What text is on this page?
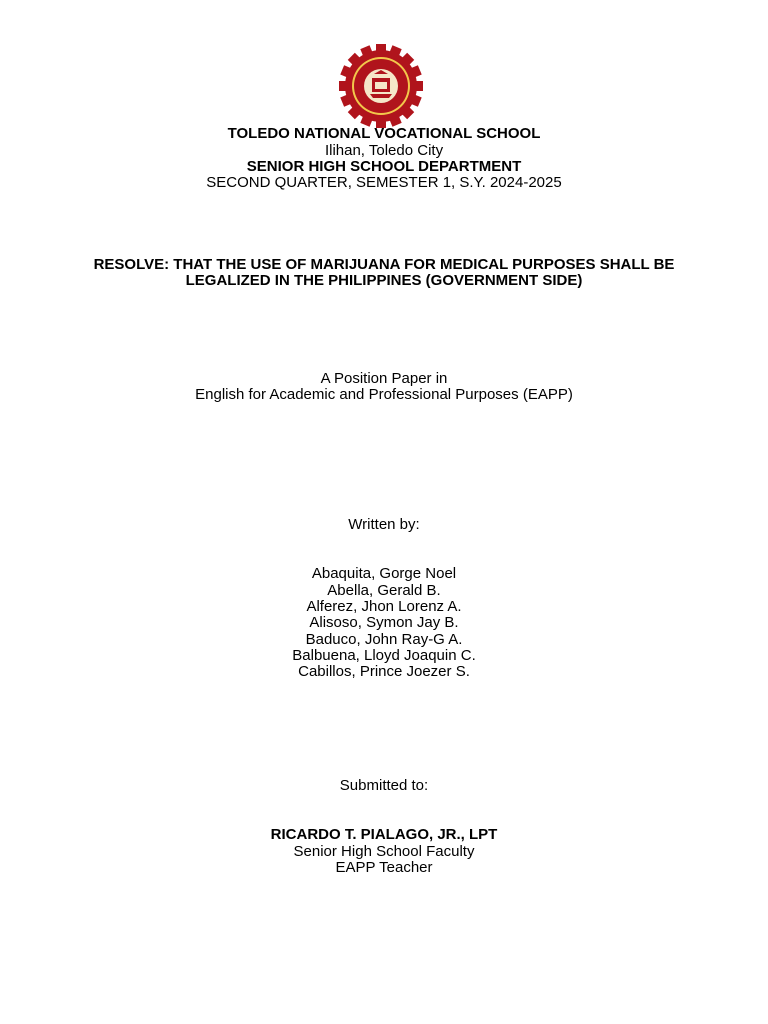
TOLEDO NATIONAL VOCATIONAL SCHOOL
Ilihan, Toledo City
SENIOR HIGH SCHOOL DEPARTMENT
SECOND QUARTER, SEMESTER 1, S.Y. 2024-2025
RESOLVE: THAT THE USE OF MARIJUANA FOR MEDICAL PURPOSES SHALL BE
LEGALIZED IN THE PHILIPPINES (GOVERNMENT SIDE)
A Position Paper in
English for Academic and Professional Purposes (EAPP)
Written by:
Abaquita, Gorge Noel
Abella, Gerald B.
Alferez, Jhon Lorenz A.
Alisoso, Symon Jay B.
Baduco, John Ray-G A.
Balbuena, Lloyd Joaquin C.
Cabillos, Prince Joezer S.
Submitted to:
RICARDO T. PIALAGO, JR., LPT
Senior High School Faculty
EAPP Teacher
